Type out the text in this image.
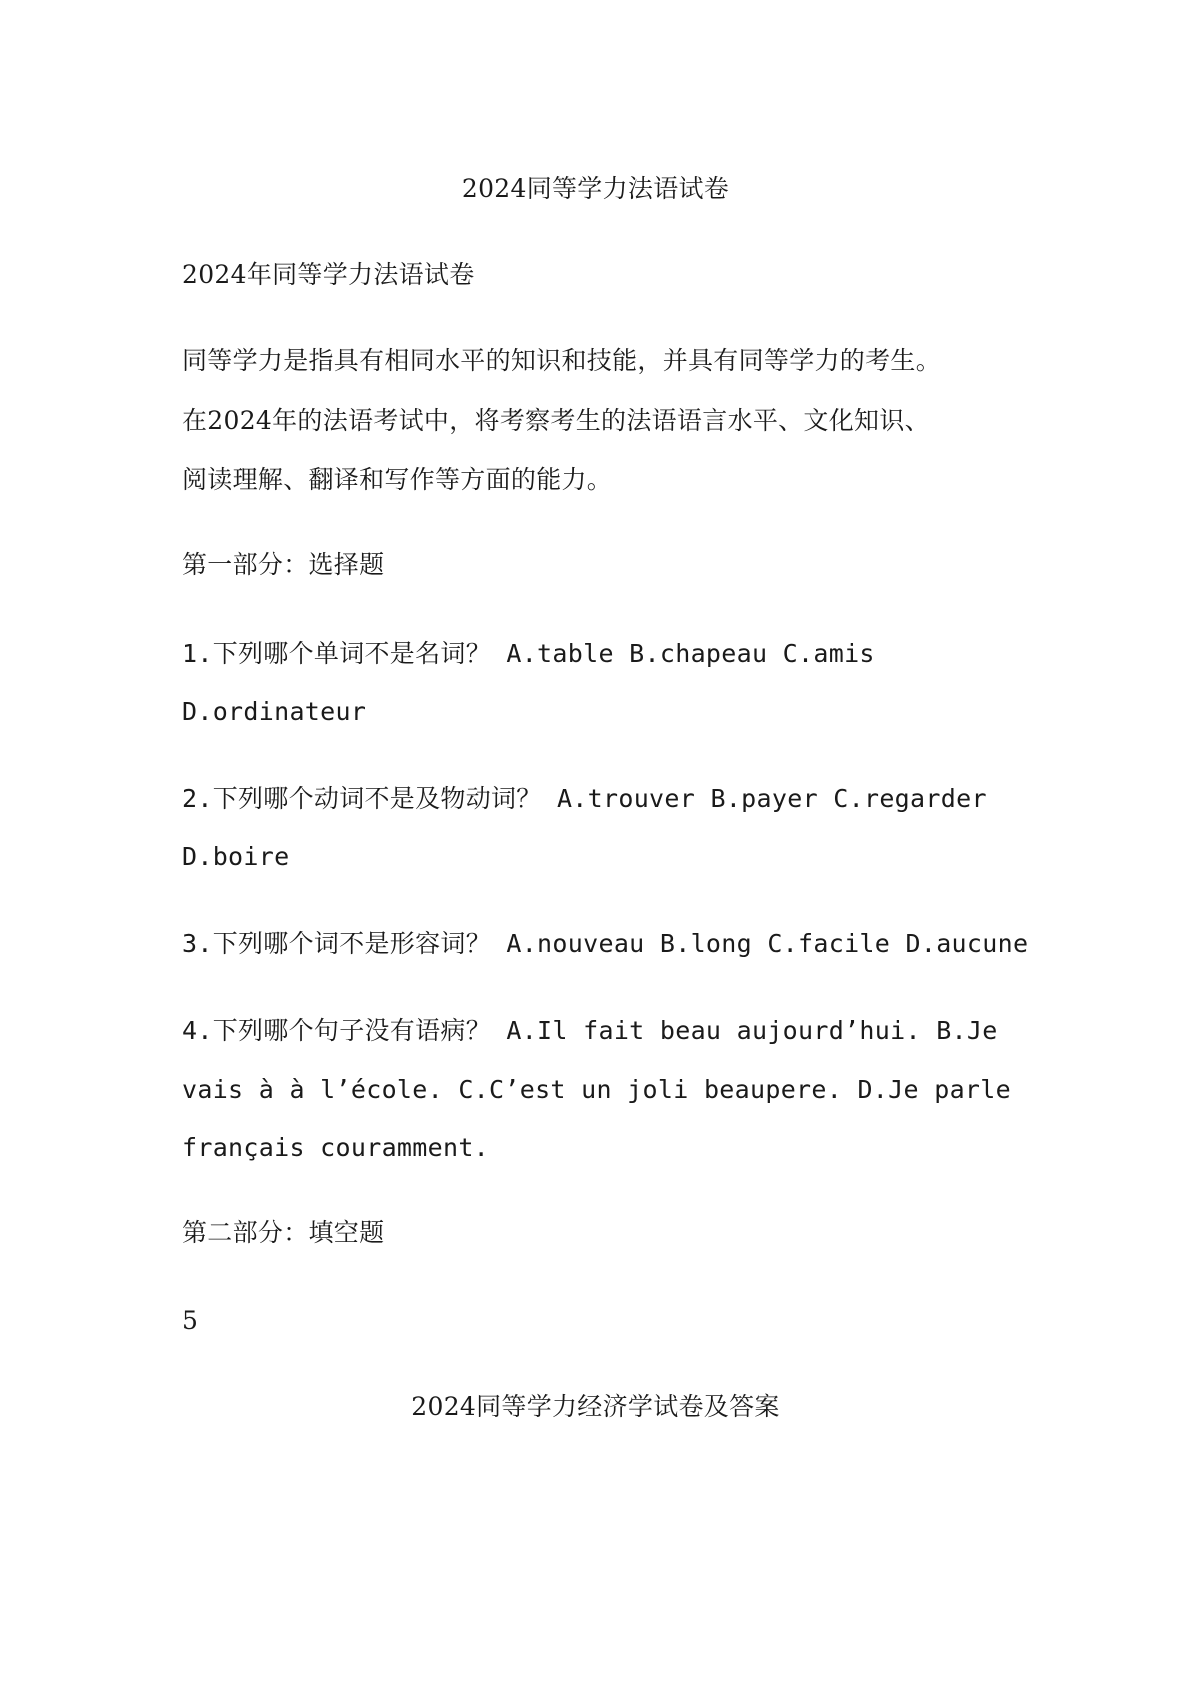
2024同等学力法语试卷
2024年同等学力法语试卷
同等学力是指具有相同水平的知识和技能，并具有同等学力的考生。
在2024年的法语考试中，将考察考生的法语语言水平、文化知识、
阅读理解、翻译和写作等方面的能力。
第一部分：选择题
1.下列哪个单词不是名词？ A.table B.chapeau C.amis
D.ordinateur
2.下列哪个动词不是及物动词？ A.trouver B.payer C.regarder
D.boire
3.下列哪个词不是形容词？ A.nouveau B.long C.facile D.aucune
4.下列哪个句子没有语病？ A.Il fait beau aujourd’hui. B.Je
vais à à l’école. C.C’est un joli beaupere. D.Je parle
français couramment.
第二部分：填空题
5
2024同等学力经济学试卷及答案
